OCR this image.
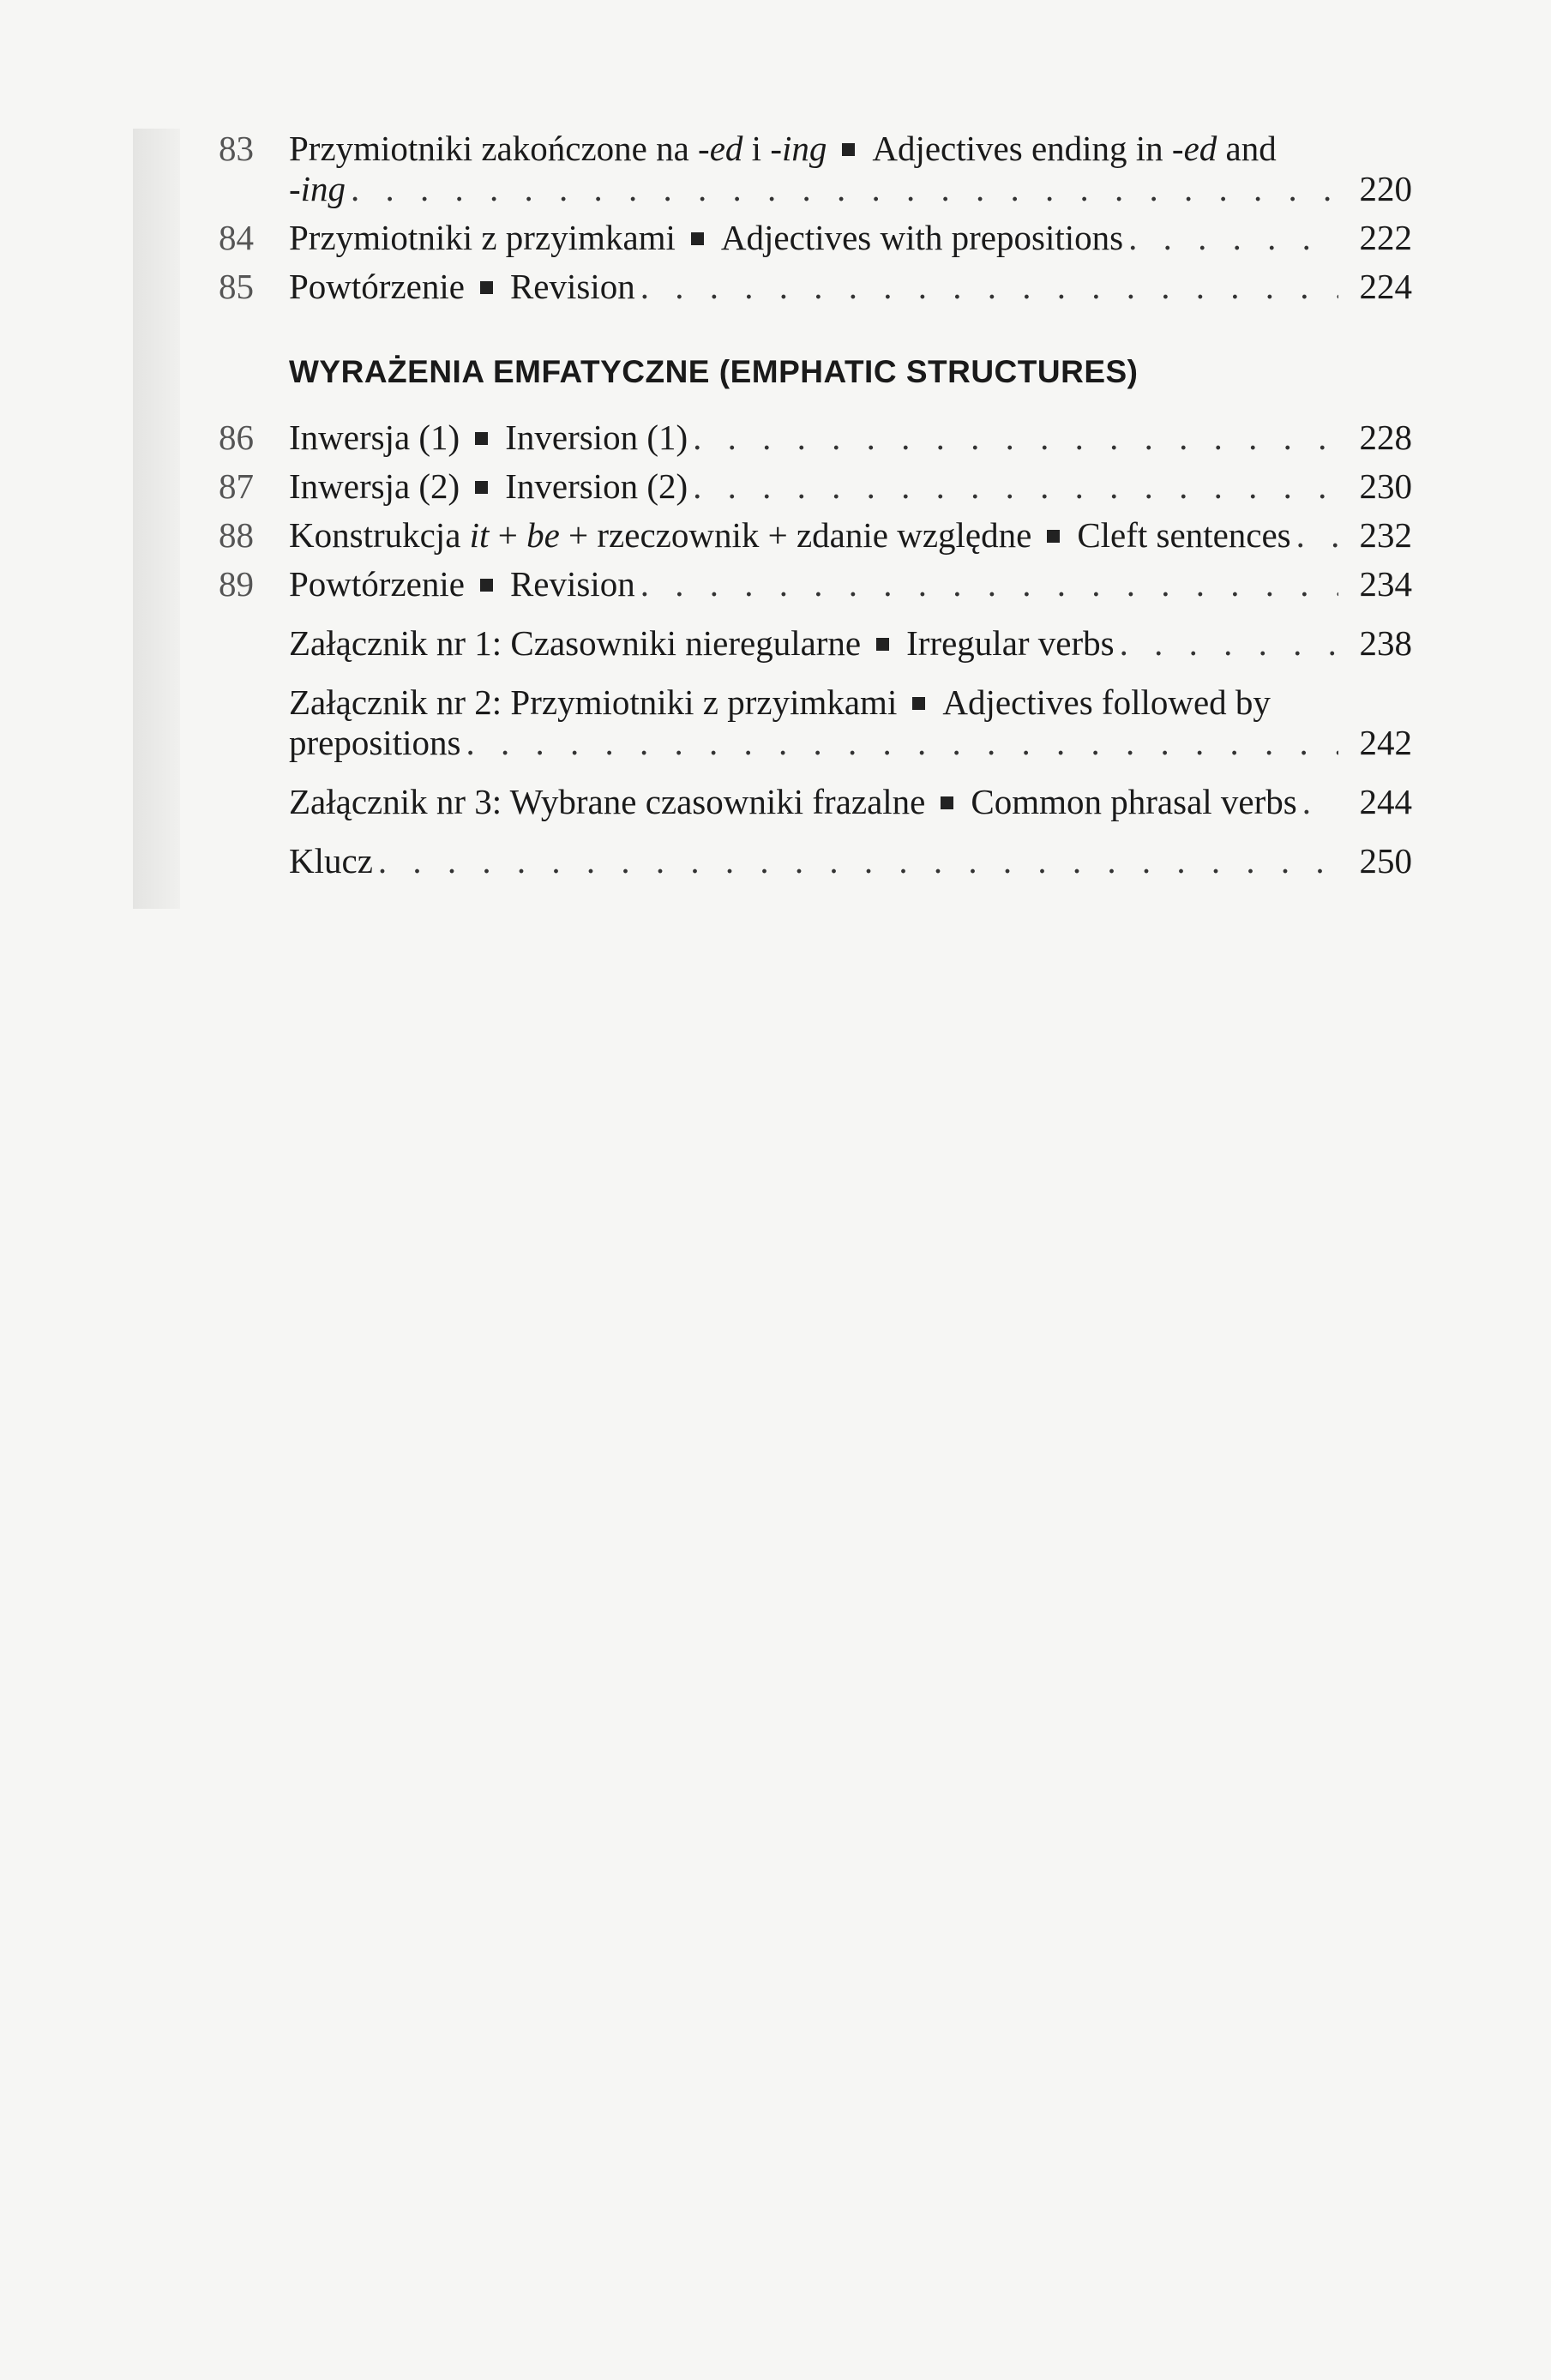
83	Przymiotniki zakończone na -ed i -ing Adjectives ending in -ed and
-ing . . .	220
84	Przymiotniki z przyimkami Adjectives with prepositions . . .	222
85	Powtórzenie Revision . . .	224
WYRAŻENIA EMFATYCZNE (EMPHATIC STRUCTURES)
86	Inwersja (1) Inversion (1) . . .	228
87	Inwersja (2) Inversion (2) . . .	230
88	Konstrukcja it + be + rzeczownik + zdanie względne Cleft sentences . . .	232
89	Powtórzenie Revision . . .	234
Załącznik nr 1: Czasowniki nieregularne Irregular verbs . . .	238
Załącznik nr 2: Przymiotniki z przyimkami Adjectives followed by
prepositions . . .	242
Załącznik nr 3: Wybrane czasowniki frazalne Common phrasal verbs . . .	244
Klucz . . .	250
